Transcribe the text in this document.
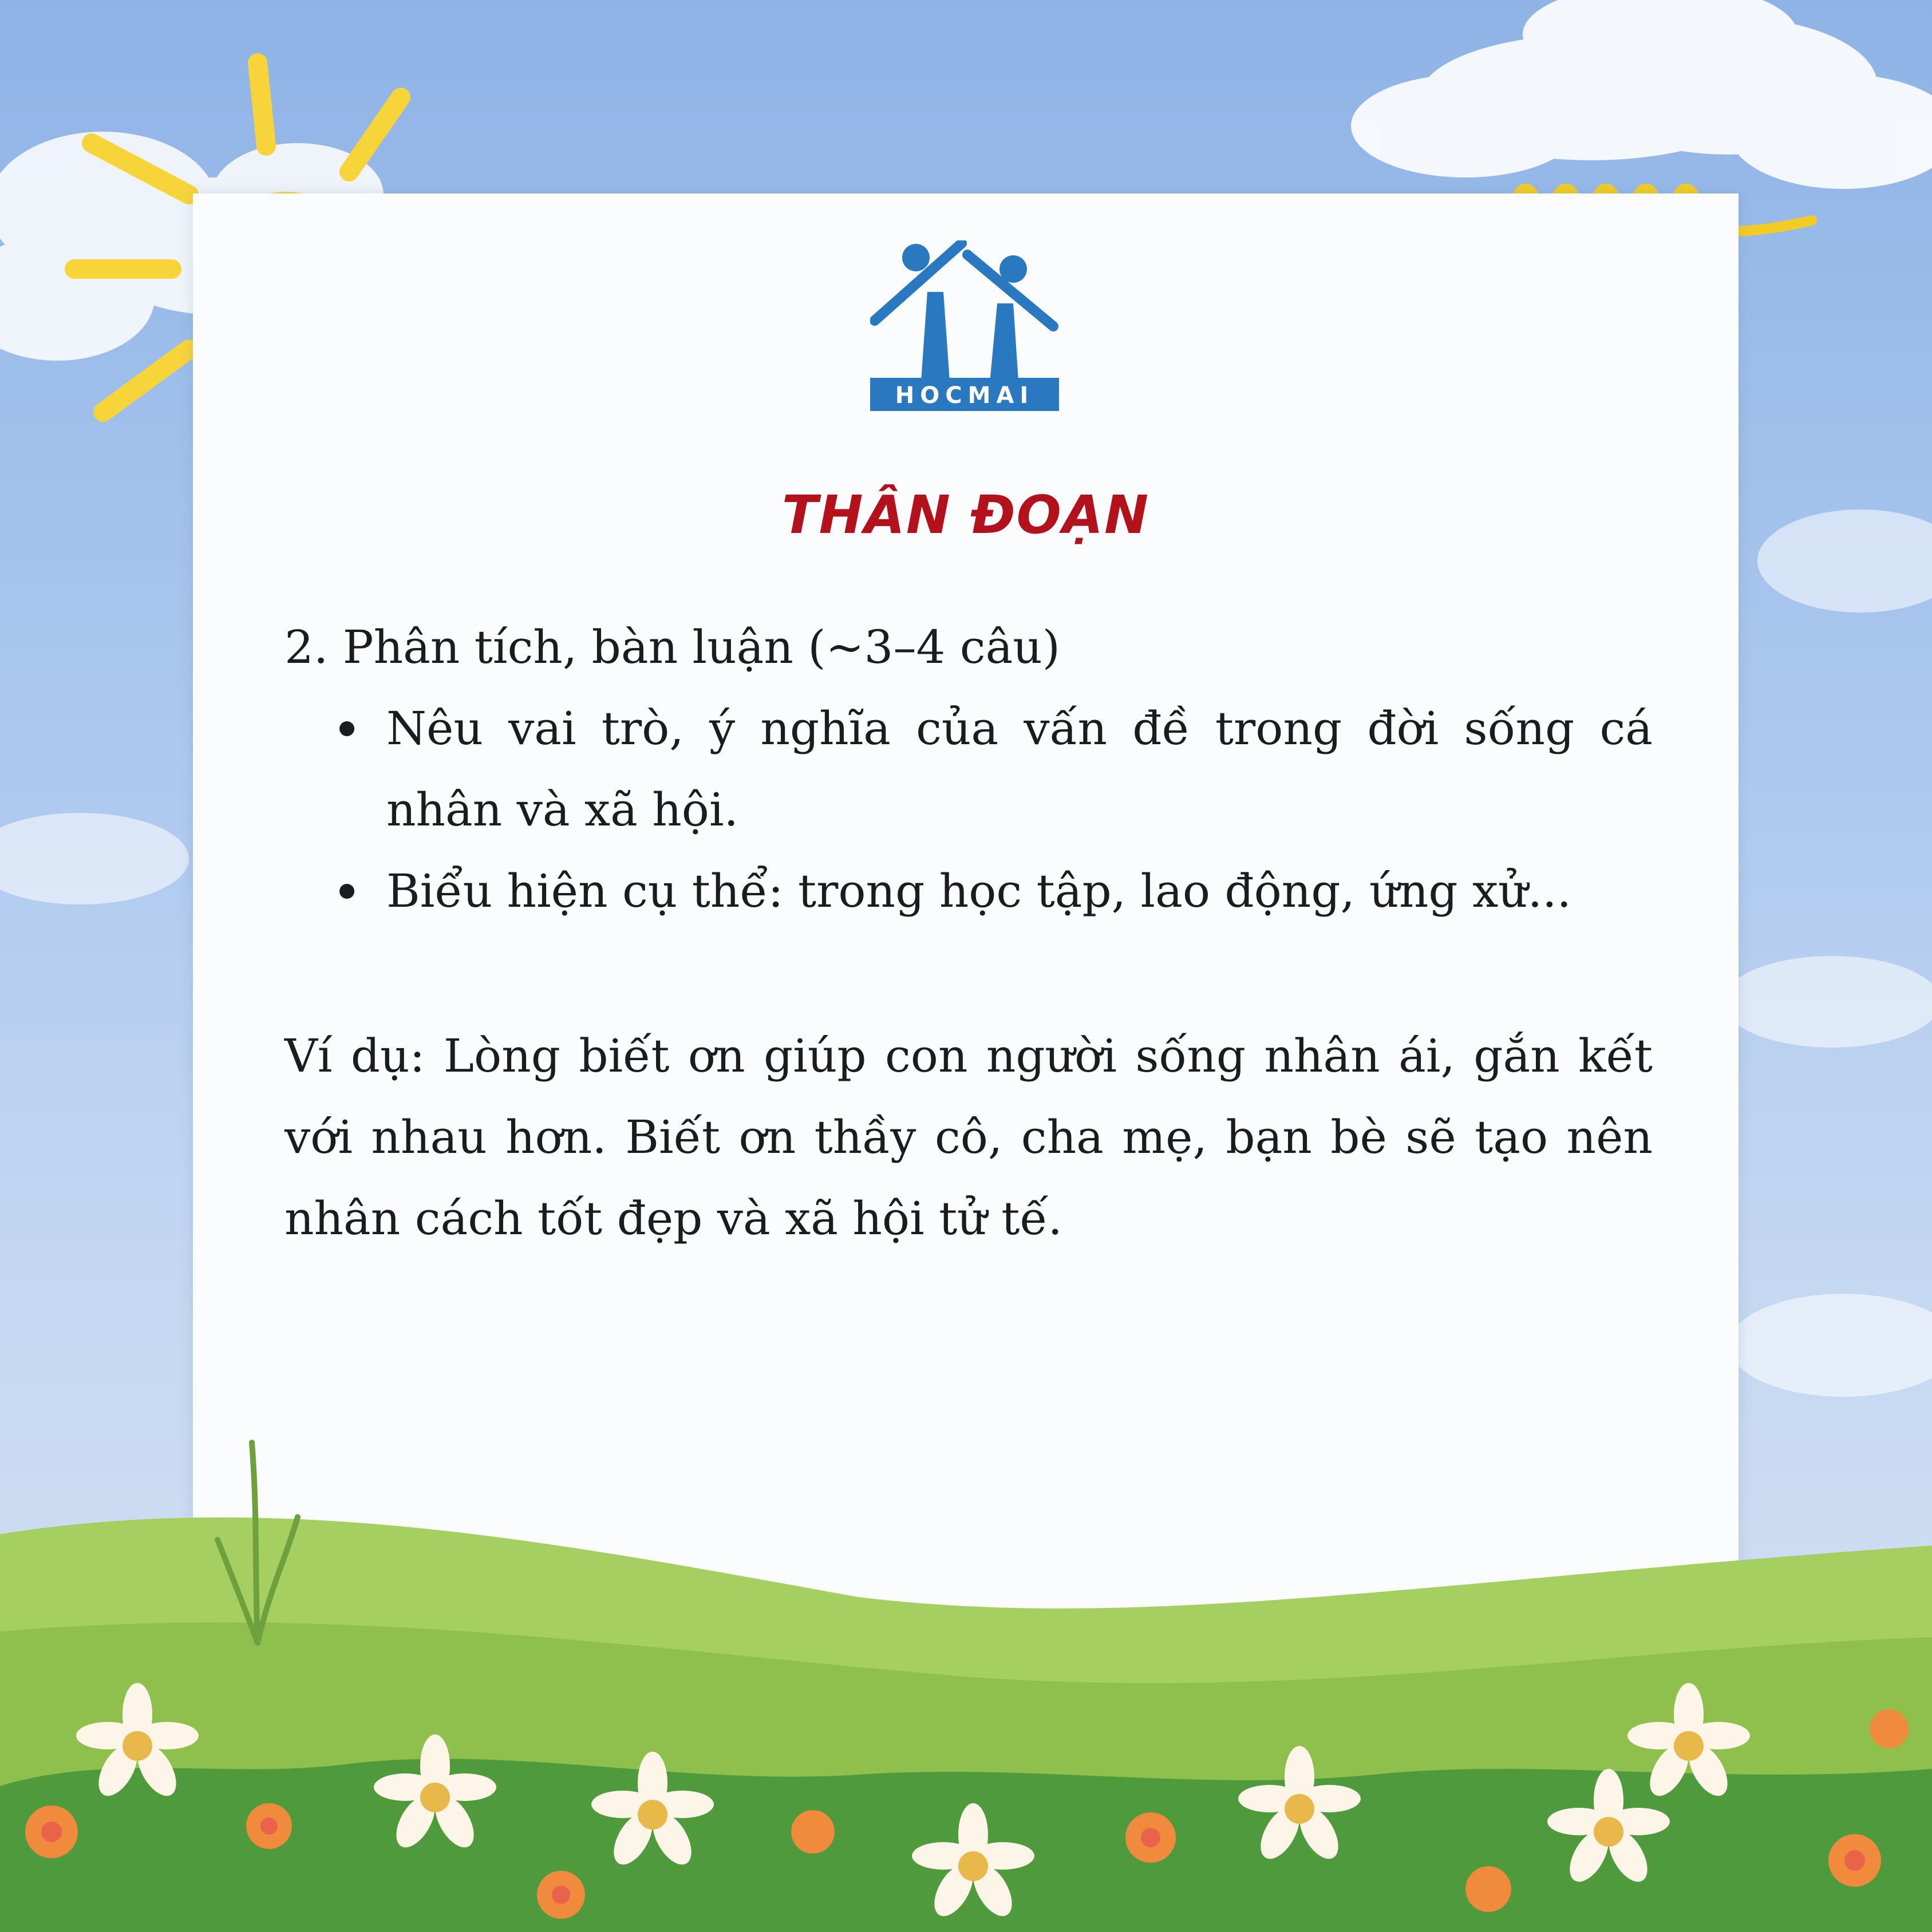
HOCMAI
THÂN ĐOẠN

2. Phân tích, bàn luận (~3–4 câu)

Nêu vai trò, ý nghĩa của vấn đề trong đời sống cá nhân và xã hội.
Biểu hiện cụ thể: trong học tập, lao động, ứng xử...

Ví dụ: Lòng biết ơn giúp con người sống nhân ái, gắn kết với nhau hơn. Biết ơn thầy cô, cha mẹ, bạn bè sẽ tạo nên nhân cách tốt đẹp và xã hội tử tế.
